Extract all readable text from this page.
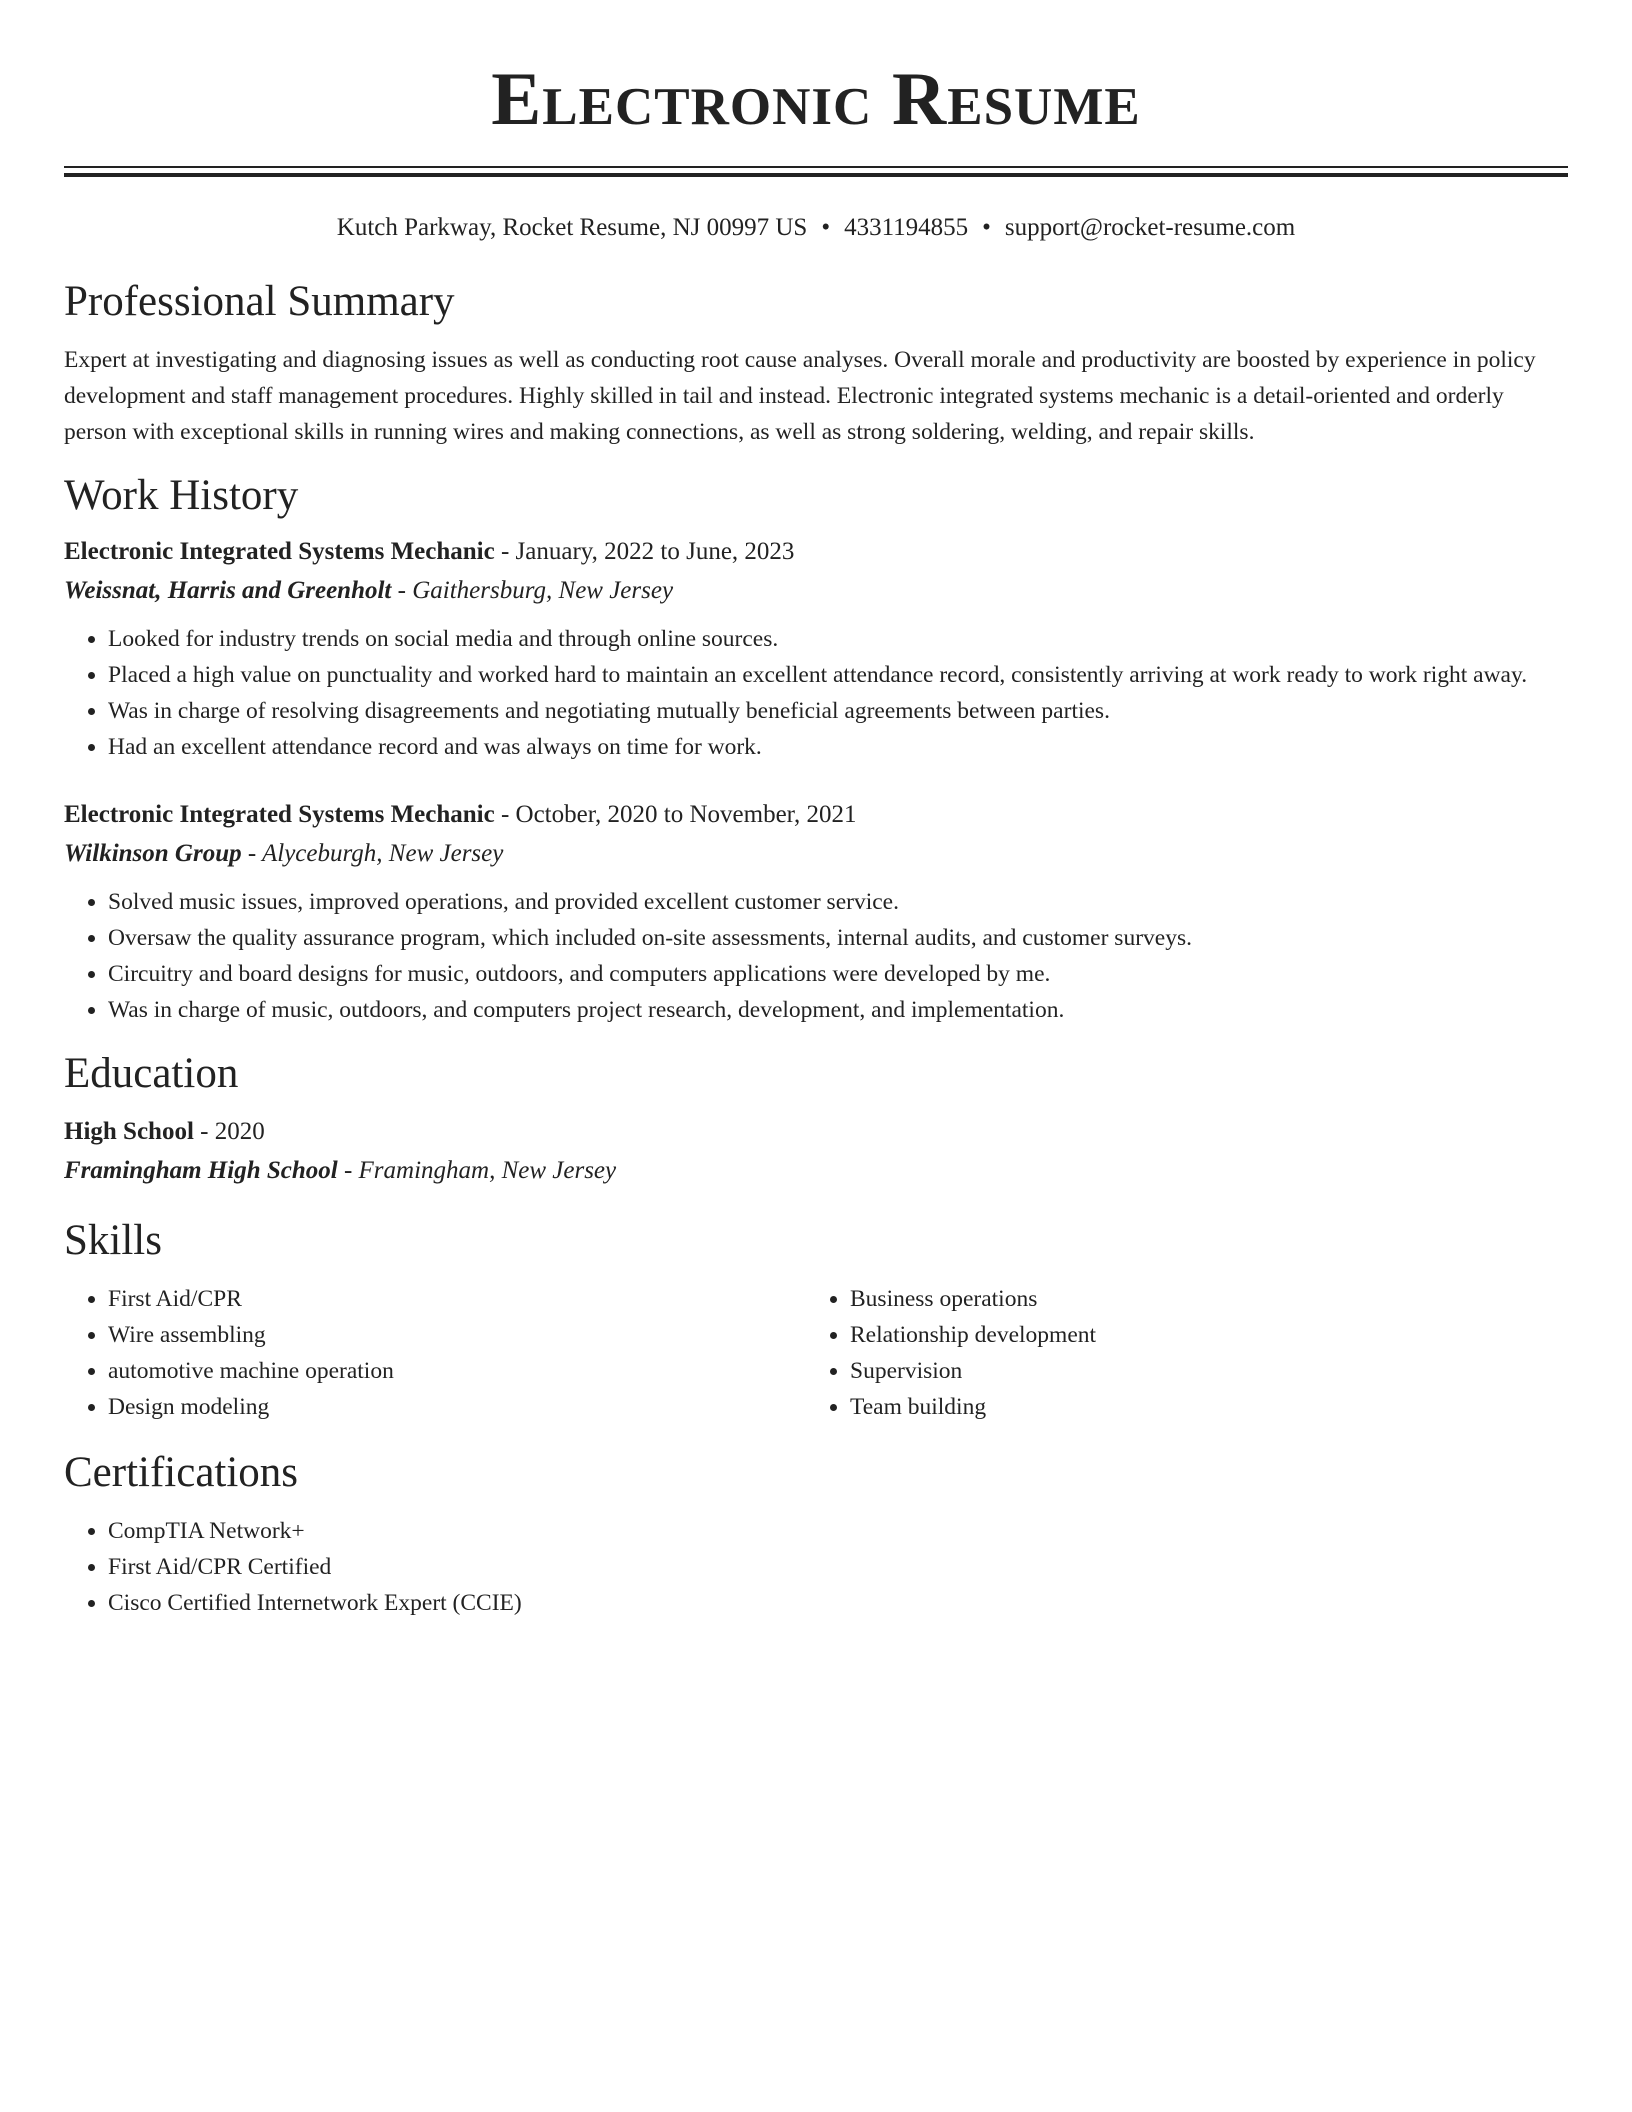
Electronic Resume
Kutch Parkway, Rocket Resume, NJ 00997 US • 4331194855 • support@rocket-resume.com
Professional Summary

Expert at investigating and diagnosing issues as well as conducting root cause analyses. Overall morale and productivity are boosted by experience in policy development and staff management procedures. Highly skilled in tail and instead. Electronic integrated systems mechanic is a detail-oriented and orderly person with exceptional skills in running wires and making connections, as well as strong soldering, welding, and repair skills.

Work History
Electronic Integrated Systems Mechanic - January, 2022 to June, 2023
Weissnat, Harris and Greenholt - Gaithersburg, New Jersey
• Looked for industry trends on social media and through online sources.
• Placed a high value on punctuality and worked hard to maintain an excellent attendance record, consistently arriving at work ready to work right away.
• Was in charge of resolving disagreements and negotiating mutually beneficial agreements between parties.
• Had an excellent attendance record and was always on time for work.
Electronic Integrated Systems Mechanic - October, 2020 to November, 2021
Wilkinson Group - Alyceburgh, New Jersey
• Solved music issues, improved operations, and provided excellent customer service.
• Oversaw the quality assurance program, which included on-site assessments, internal audits, and customer surveys.
• Circuitry and board designs for music, outdoors, and computers applications were developed by me.
• Was in charge of music, outdoors, and computers project research, development, and implementation.
Education
High School - 2020
Framingham High School - Framingham, New Jersey
Skills
• First Aid/CPR
• Wire assembling
• automotive machine operation
• Design modeling
• Business operations
• Relationship development
• Supervision
• Team building
Certifications
• CompTIA Network+
• First Aid/CPR Certified
• Cisco Certified Internetwork Expert (CCIE)
